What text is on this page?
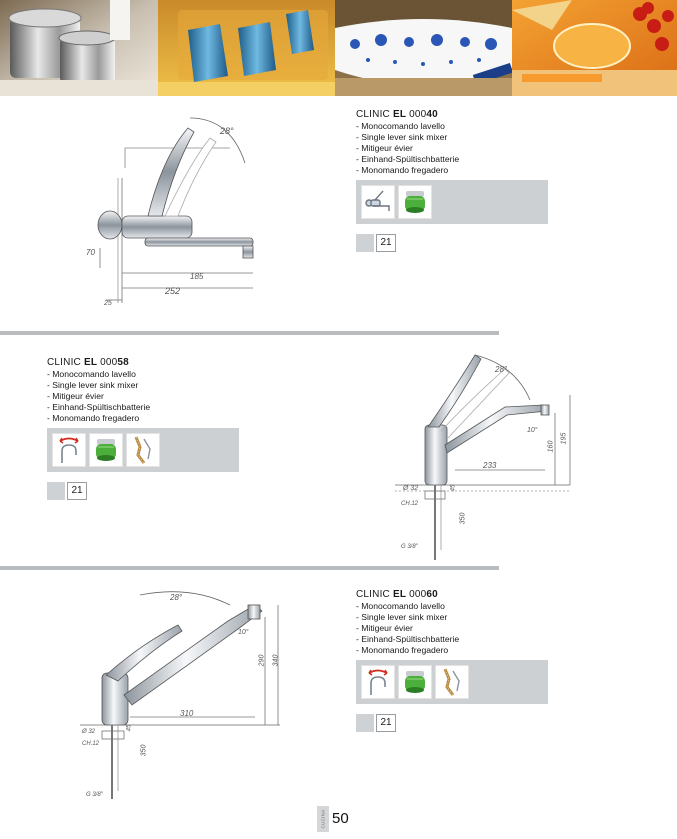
28°
70
185
252
25
CLINIC EL 00040
- Monocomando lavello
- Single lever sink mixer
- Mitigeur évier
- Einhand-Spültischbatterie
- Monomando fregadero
21
CLINIC EL 00058
- Monocomando lavello
- Single lever sink mixer
- Mitigeur évier
- Einhand-Spültischbatterie
- Monomando fregadero
21
28°
10°
195
160
233
Ø 32	45
CH.12
350
G 3/8"
28°
10°
290 340
310
Ø 32
45
CH.12
350
G 3/8"
CLINIC EL 00060
- Monocomando lavello
- Single lever sink mixer
- Mitigeur évier
- Einhand-Spültischbatterie
- Monomando fregadero
21
CUCINA 50
